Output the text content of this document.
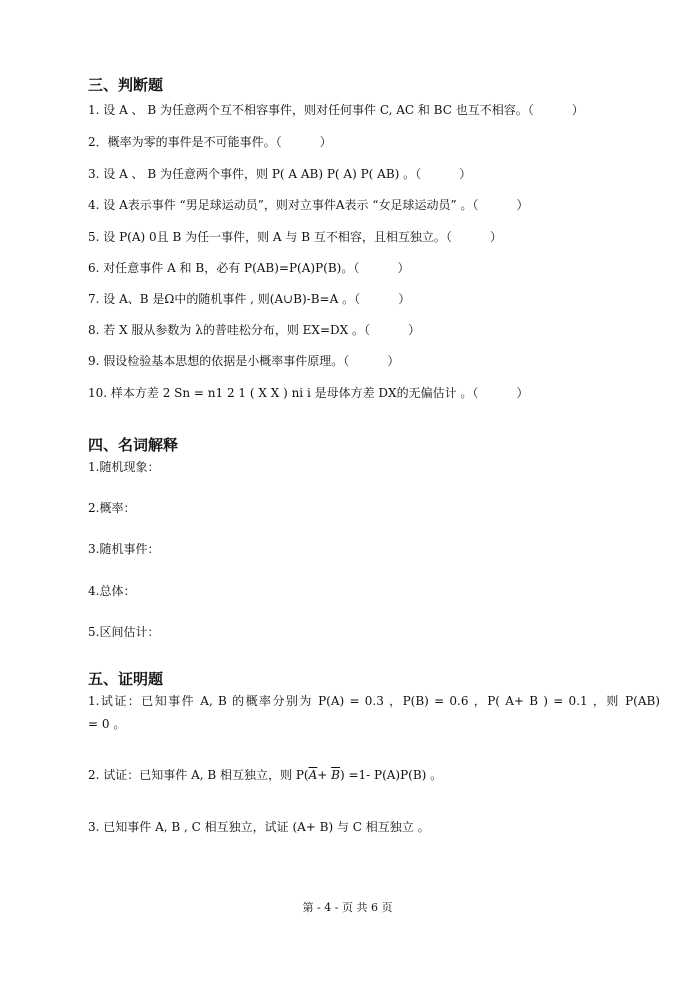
三、判断题
1. 设 A 、 B 为任意两个互不相容事件，则对任何事件 C, AC 和 BC 也互不相容。（          ）
2．概率为零的事件是不可能事件。（          ）
3. 设 A 、 B 为任意两个事件，则 P( A AB) P( A) P( AB) 。（          ）
4. 设 A表示事件 “男足球运动员”，则对立事件A表示 “女足球运动员” 。（          ）
5. 设 P(A) 0且 B 为任一事件，则 A 与 B 互不相容，且相互独立。（          ）
6. 对任意事件 A 和 B，必有 P(AB)=P(A)P(B)。（          ）
7. 设 A、B 是Ω中的随机事件 , 则(A∪B)-B=A 。（          ）
8. 若 X 服从参数为 λ的普哇松分布，则 EX=DX 。（          ）
9. 假设检验基本思想的依据是小概率事件原理。（          ）
10. 样本方差 2 Sn = n1 2 1 ( X X ) ni i 是母体方差 DX的无偏估计 。（          ）
四、名词解释
1.随机现象：
2.概率：
3.随机事件：
4.总体：
5.区间估计：
五、证明题
1.试证：已知事件 A, B 的概率分别为 P(A) = 0.3 ，P(B) = 0.6 ，P( A+ B ) = 0.1 ，则 P(AB)
= 0 。
2. 试证：已知事件 A, B 相互独立，则 $P(\overline{A}+ \overline{B}) =1-$ P(A)P(B) 。
3. 已知事件 A, B , C 相互独立，试证 (A+ B) 与 C 相互独立 。
第 - 4 - 页 共 6 页
